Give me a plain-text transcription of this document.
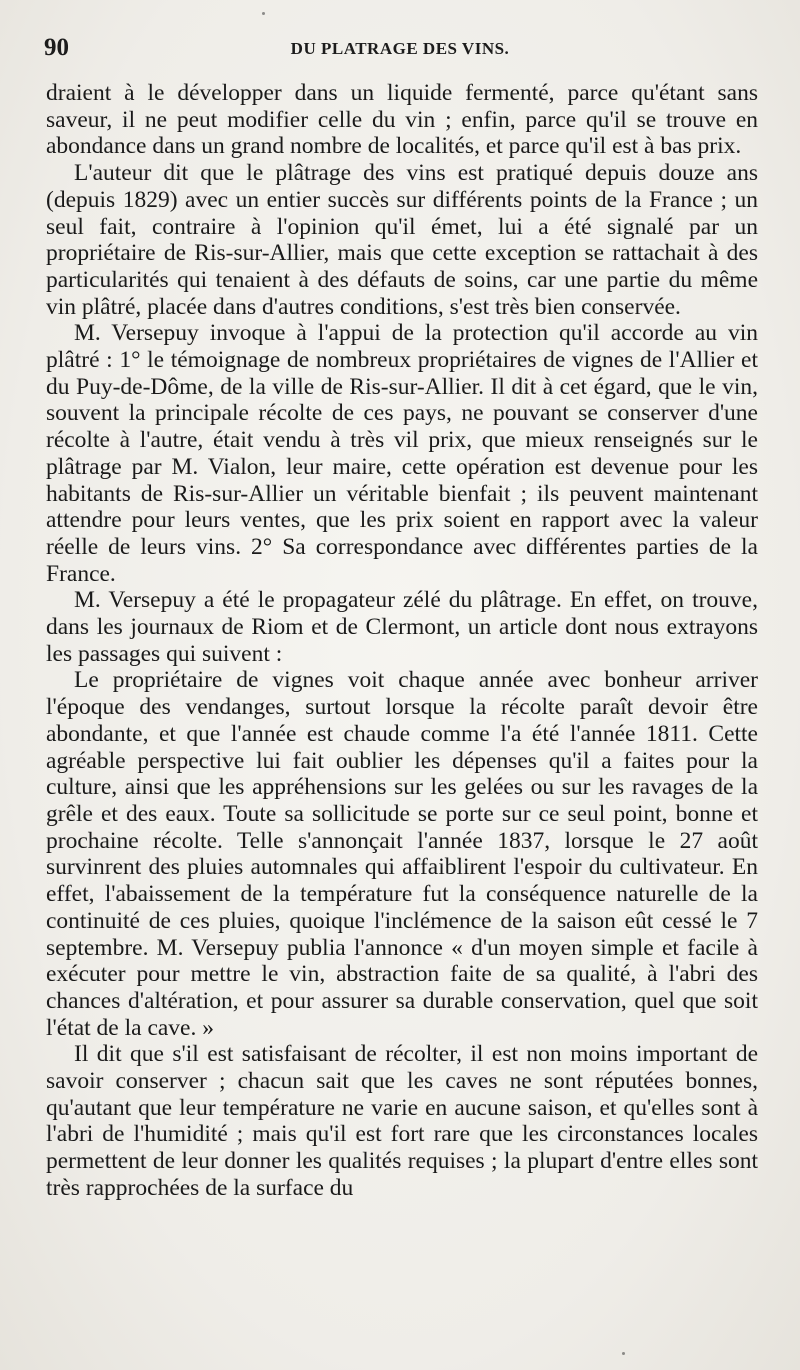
90	DU PLATRAGE DES VINS.

draient à le développer dans un liquide fermenté, parce qu'étant sans saveur, il ne peut modifier celle du vin ; enfin, parce qu'il se trouve en abondance dans un grand nombre de localités, et parce qu'il est à bas prix.

L'auteur dit que le plâtrage des vins est pratiqué depuis douze ans (depuis 1829) avec un entier succès sur différents points de la France ; un seul fait, contraire à l'opinion qu'il émet, lui a été signalé par un propriétaire de Ris-sur-Allier, mais que cette exception se rattachait à des particularités qui tenaient à des défauts de soins, car une partie du même vin plâtré, placée dans d'autres conditions, s'est très bien conservée.

M. Versepuy invoque à l'appui de la protection qu'il accorde au vin plâtré : 1° le témoignage de nombreux propriétaires de vignes de l'Allier et du Puy-de-Dôme, de la ville de Ris-sur-Allier. Il dit à cet égard, que le vin, souvent la principale récolte de ces pays, ne pouvant se conserver d'une récolte à l'autre, était vendu à très vil prix, que mieux renseignés sur le plâtrage par M. Vialon, leur maire, cette opération est devenue pour les habitants de Ris-sur-Allier un véritable bienfait ; ils peuvent maintenant attendre pour leurs ventes, que les prix soient en rapport avec la valeur réelle de leurs vins. 2° Sa correspondance avec différentes parties de la France.

M. Versepuy a été le propagateur zélé du plâtrage. En effet, on trouve, dans les journaux de Riom et de Clermont, un article dont nous extrayons les passages qui suivent :

Le propriétaire de vignes voit chaque année avec bonheur arriver l'époque des vendanges, surtout lorsque la récolte paraît devoir être abondante, et que l'année est chaude comme l'a été l'année 1811. Cette agréable perspective lui fait oublier les dépenses qu'il a faites pour la culture, ainsi que les appréhensions sur les gelées ou sur les ravages de la grêle et des eaux. Toute sa sollicitude se porte sur ce seul point, bonne et prochaine récolte. Telle s'annonçait l'année 1837, lorsque le 27 août survinrent des pluies automnales qui affaiblirent l'espoir du cultivateur. En effet, l'abaissement de la température fut la conséquence naturelle de la continuité de ces pluies, quoique l'inclémence de la saison eût cessé le 7 septembre. M. Versepuy publia l'annonce « d'un moyen simple et facile à exécuter pour mettre le vin, abstraction faite de sa qualité, à l'abri des chances d'altération, et pour assurer sa durable conservation, quel que soit l'état de la cave. »

Il dit que s'il est satisfaisant de récolter, il est non moins important de savoir conserver ; chacun sait que les caves ne sont réputées bonnes, qu'autant que leur température ne varie en aucune saison, et qu'elles sont à l'abri de l'humidité ; mais qu'il est fort rare que les circonstances locales permettent de leur donner les qualités requises ; la plupart d'entre elles sont très rapprochées de la surface du
